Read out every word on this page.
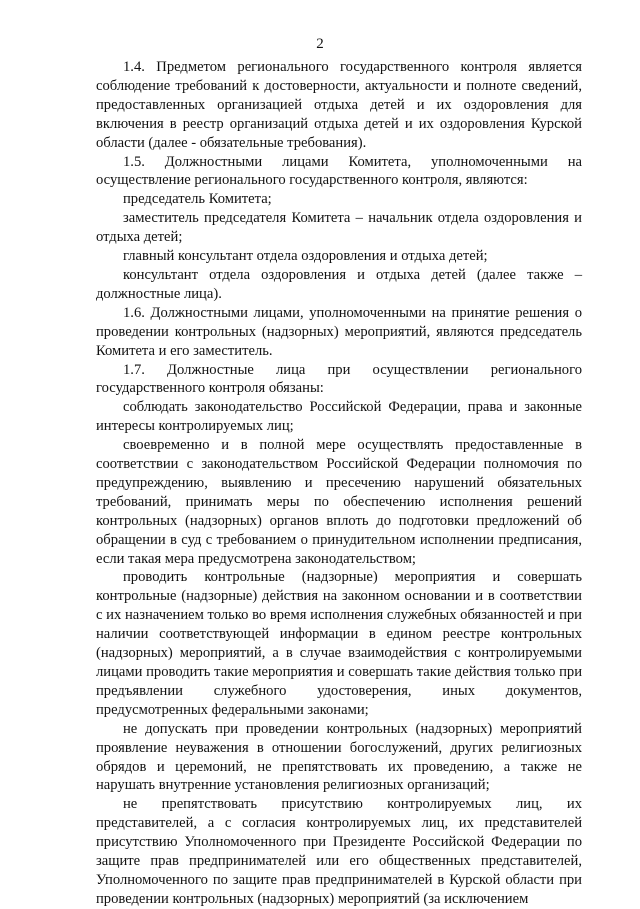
2

1.4. Предметом регионального государственного контроля является соблюдение требований к достоверности, актуальности и полноте сведений, предоставленных организацией отдыха детей и их оздоровления для включения в реестр организаций отдыха детей и их оздоровления Курской области (далее - обязательные требования).

1.5. Должностными лицами Комитета, уполномоченными на осуществление регионального государственного контроля, являются:

председатель Комитета;

заместитель председателя Комитета – начальник отдела оздоровления и отдыха детей;

главный консультант отдела оздоровления и отдыха детей;

консультант отдела оздоровления и отдыха детей (далее также – должностные лица).

1.6. Должностными лицами, уполномоченными на принятие решения о проведении контрольных (надзорных) мероприятий, являются председатель Комитета и его заместитель.

1.7. Должностные лица при осуществлении регионального государственного контроля обязаны:

соблюдать законодательство Российской Федерации, права и законные интересы контролируемых лиц;

своевременно и в полной мере осуществлять предоставленные в соответствии с законодательством Российской Федерации полномочия по предупреждению, выявлению и пресечению нарушений обязательных требований, принимать меры по обеспечению исполнения решений контрольных (надзорных) органов вплоть до подготовки предложений об обращении в суд с требованием о принудительном исполнении предписания, если такая мера предусмотрена законодательством;

проводить контрольные (надзорные) мероприятия и совершать контрольные (надзорные) действия на законном основании и в соответствии с их назначением только во время исполнения служебных обязанностей и при наличии соответствующей информации в едином реестре контрольных (надзорных) мероприятий, а в случае взаимодействия с контролируемыми лицами проводить такие мероприятия и совершать такие действия только при предъявлении служебного удостоверения, иных документов, предусмотренных федеральными законами;

не допускать при проведении контрольных (надзорных) мероприятий проявление неуважения в отношении богослужений, других религиозных обрядов и церемоний, не препятствовать их проведению, а также не нарушать внутренние установления религиозных организаций;

не препятствовать присутствию контролируемых лиц, их представителей, а с согласия контролируемых лиц, их представителей присутствию Уполномоченного при Президенте Российской Федерации по защите прав предпринимателей или его общественных представителей, Уполномоченного по защите прав предпринимателей в Курской области при проведении контрольных (надзорных) мероприятий (за исключением
